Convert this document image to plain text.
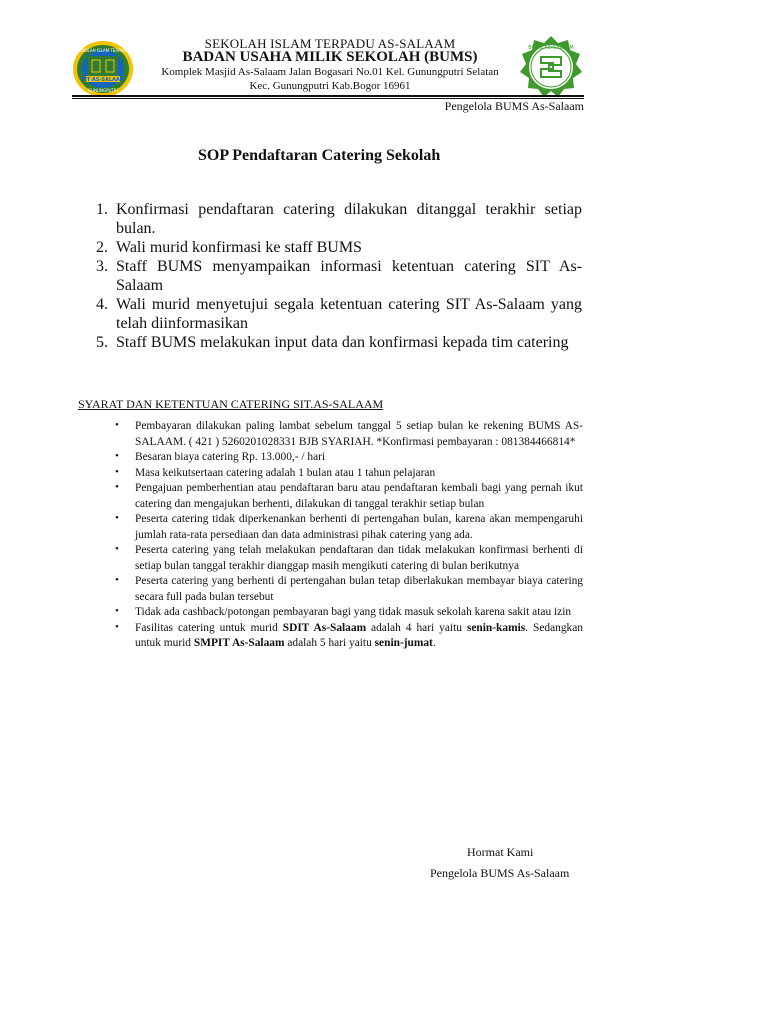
SEKOLAH ISLAM TERPADU
SIT AS-SALAAM
GUNUNGPUTRI
SEKOLAH ISLAM TERPADU AS-SALAAM
BADAN USAHA MILIK SEKOLAH (BUMS)
Komplek Masjid As-Salaam Jalan Bogasari No.01 Kel. Gunungputri Selatan
Kec. Gunungputri Kab.Bogor 16961
BUMS AS-SALAAM
Pengelola BUMS As-Salaam
SOP Pendaftaran Catering Sekolah
1. Konfirmasi pendaftaran catering dilakukan ditanggal terakhir setiap bulan.
2. Wali murid konfirmasi ke staff BUMS
3. Staff BUMS menyampaikan informasi ketentuan catering SIT As-Salaam
4. Wali murid menyetujui segala ketentuan catering SIT As-Salaam yang telah diinformasikan
5. Staff BUMS melakukan input data dan konfirmasi kepada tim catering
SYARAT DAN KETENTUAN CATERING SIT.AS-SALAAM
• Pembayaran dilakukan paling lambat sebelum tanggal 5 setiap bulan ke rekening BUMS AS-SALAAM. ( 421 ) 5260201028331 BJB SYARIAH. *Konfirmasi pembayaran : 081384466814*
• Besaran biaya catering Rp. 13.000,- / hari
• Masa keikutsertaan catering adalah 1 bulan atau 1 tahun pelajaran
• Pengajuan pemberhentian atau pendaftaran baru atau pendaftaran kembali bagi yang pernah ikut catering dan mengajukan berhenti, dilakukan di tanggal terakhir setiap bulan
• Peserta catering tidak diperkenankan berhenti di pertengahan bulan, karena akan mempengaruhi jumlah rata-rata persediaan dan data administrasi pihak catering yang ada.
• Peserta catering yang telah melakukan pendaftaran dan tidak melakukan konfirmasi berhenti di setiap bulan tanggal terakhir dianggap masih mengikuti catering di bulan berikutnya
• Peserta catering yang berhenti di pertengahan bulan tetap diberlakukan membayar biaya catering secara full pada bulan tersebut
• Tidak ada cashback/potongan pembayaran bagi yang tidak masuk sekolah karena sakit atau izin
• Fasilitas catering untuk murid SDIT As-Salaam adalah 4 hari yaitu senin-kamis. Sedangkan untuk murid SMPIT As-Salaam adalah 5 hari yaitu senin-jumat.
Hormat Kami
Pengelola BUMS As-Salaam
